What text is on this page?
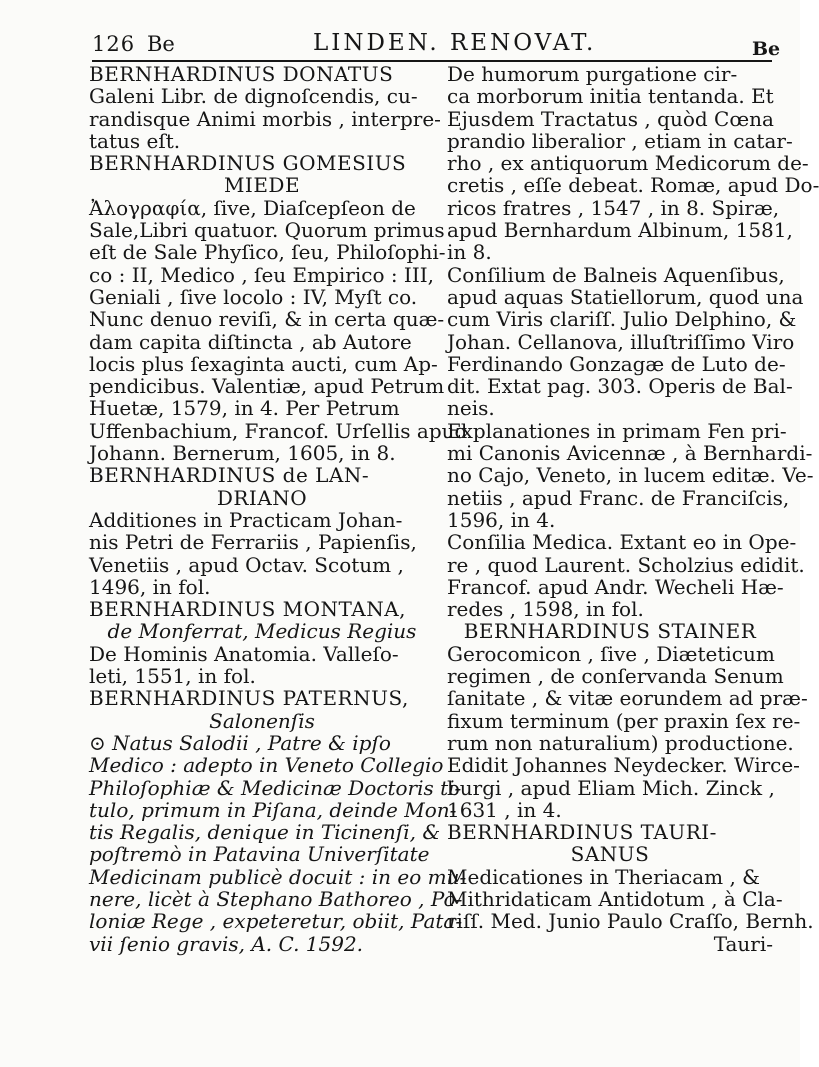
126 Be	LINDEN. RENOVAT.	Be
BERNHARDINUS DONATUS
Galeni Libr. de dignoſcendis, cu-
randisque Animi morbis , interpre-
tatus eſt.
BERNHARDINUS GOMESIUS
MIEDE
Ἀλογραφία, ſive, Diaſcepſeon de
Sale,Libri quatuor. Quorum primus
eſt de Sale Phyſico, ſeu, Philoſophi-
co : II, Medico , ſeu Empirico : III,
Geniali , ſive locolo : IV, Myſt co.
Nunc denuo reviſi, & in certa quæ-
dam capita diſtincta , ab Autore
locis plus ſexaginta aucti, cum Ap-
pendicibus. Valentiæ, apud Petrum
Huetæ, 1579, in 4. Per Petrum
Uffenbachium, Francof. Urſellis apud
Johann. Bernerum, 1605, in 8.
BERNHARDINUS de LAN-
DRIANO
Additiones in Practicam Johan-
nis Petri de Ferrariis , Papienſis,
Venetiis , apud Octav. Scotum ,
1496, in fol.
BERNHARDINUS MONTANA,
de Monferrat, Medicus Regius
De Hominis Anatomia. Valleſo-
leti, 1551, in fol.
BERNHARDINUS PATERNUS,
Salonenſis
⊙ Natus Salodii , Patre & ipſo
Medico : adepto in Veneto Collegio
Philoſophiæ & Medicinæ Doctoris ti-
tulo, primum in Piſana, deinde Mon-
tis Regalis, denique in Ticinenſi, &
poſtremò in Patavina Univerſitate
Medicinam publicè docuit : in eo mu-
nere, licèt à Stephano Bathoreo , Po-
loniæ Rege , expeteretur, obiit, Pata-
vii ſenio gravis, A. C. 1592.
De humorum purgatione cir-
ca morborum initia tentanda. Et
Ejusdem Tractatus , quòd Cœna
prandio liberalior , etiam in catar-
rho , ex antiquorum Medicorum de-
cretis , eſſe debeat. Romæ, apud Do-
ricos fratres , 1547 , in 8. Spiræ,
apud Bernhardum Albinum, 1581,
in 8.
Conſilium de Balneis Aquenſibus,
apud aquas Statiellorum, quod una
cum Viris clariſſ. Julio Delphino, &
Johan. Cellanova, illuſtriſſimo Viro
Ferdinando Gonzagæ de Luto de-
dit. Extat pag. 303. Operis de Bal-
neis.
Explanationes in primam Fen pri-
mi Canonis Avicennæ , à Bernhardi-
no Cajo, Veneto, in lucem editæ. Ve-
netiis , apud Franc. de Franciſcis,
1596, in 4.
Conſilia Medica. Extant eo in Ope-
re , quod Laurent. Scholzius edidit.
Francof. apud Andr. Wecheli Hæ-
redes , 1598, in fol.
BERNHARDINUS STAINER
Gerocomicon , ſive , Diæteticum
regimen , de conſervanda Senum
ſanitate , & vitæ eorundem ad præ-
fixum terminum (per praxin ſex re-
rum non naturalium) productione.
Edidit Johannes Neydecker. Wirce-
burgi , apud Eliam Mich. Zinck ,
1631 , in 4.
BERNHARDINUS TAURI-
SANUS
Medicationes in Theriacam , &
Mithridaticam Antidotum , à Cla-
riſſ. Med. Junio Paulo Craſſo, Bernh.
Tauri-
